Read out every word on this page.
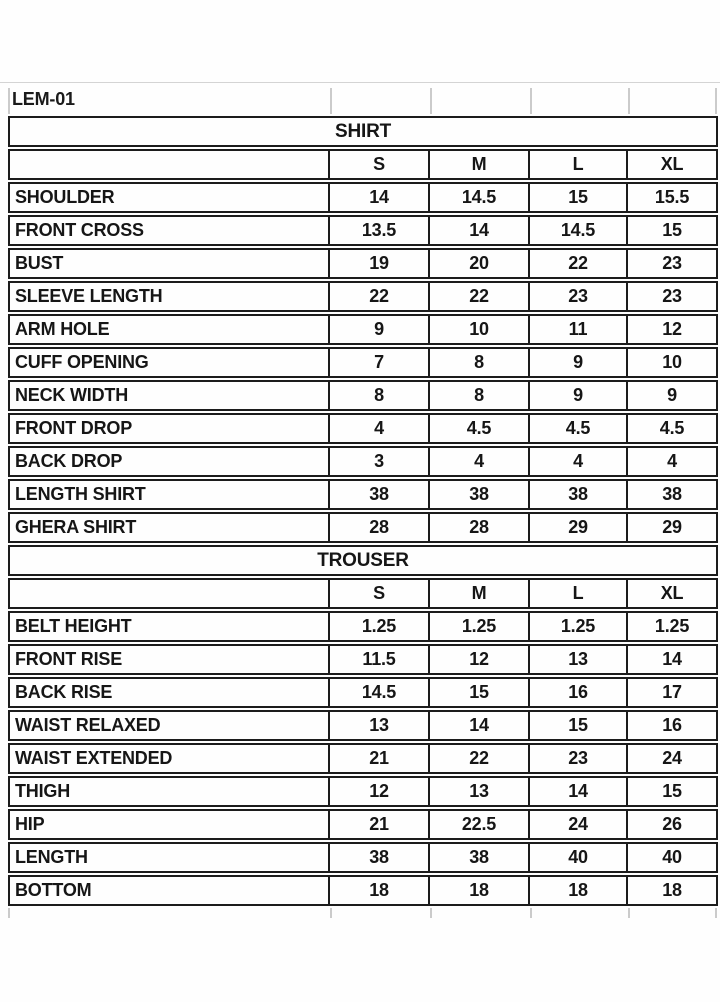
LEM-01
SHIRT				
	S	M	L	XL
SHOULDER	14	14.5	15	15.5
FRONT CROSS	13.5	14	14.5	15
BUST	19	20	22	23
SLEEVE LENGTH	22	22	23	23
ARM HOLE	9	10	11	12
CUFF OPENING	7	8	9	10
NECK WIDTH	8	8	9	9
FRONT DROP	4	4.5	4.5	4.5
BACK DROP	3	4	4	4
LENGTH SHIRT	38	38	38	38
GHERA SHIRT	28	28	29	29
TROUSER				
	S	M	L	XL
BELT HEIGHT	1.25	1.25	1.25	1.25
FRONT RISE	11.5	12	13	14
BACK RISE	14.5	15	16	17
WAIST RELAXED	13	14	15	16
WAIST EXTENDED	21	22	23	24
THIGH	12	13	14	15
HIP	21	22.5	24	26
LENGTH	38	38	40	40
BOTTOM	18	18	18	18
